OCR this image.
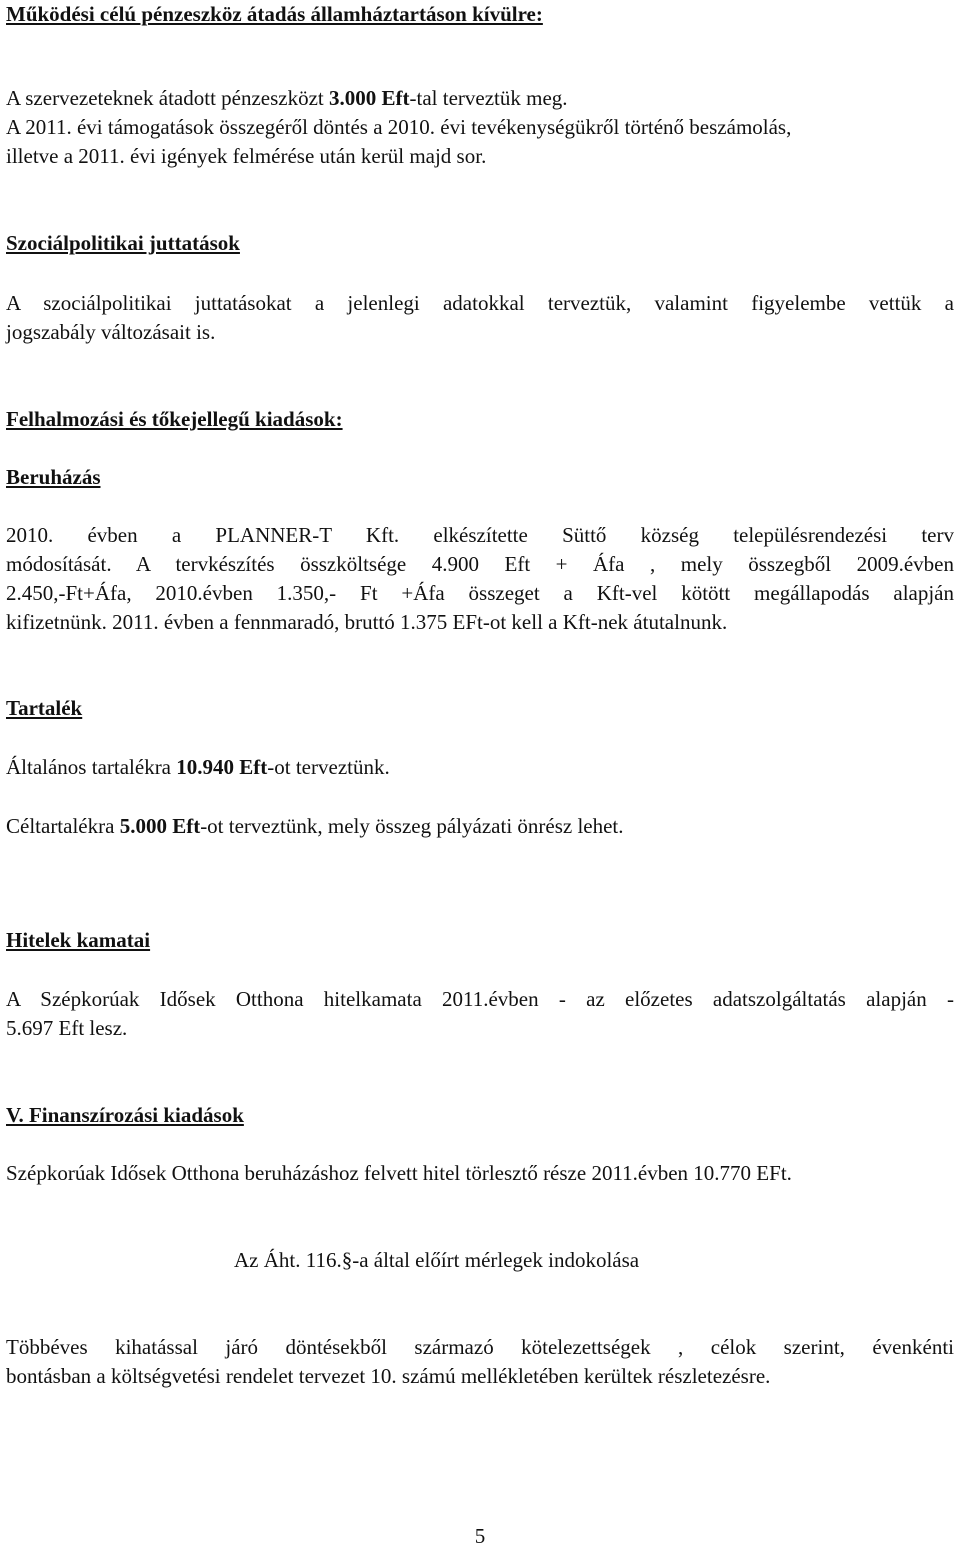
Működési célú pénzeszköz átadás államháztartáson kívülre:
A szervezeteknek átadott pénzeszközt 3.000 Eft-tal terveztük meg.
A 2011. évi támogatások összegéről döntés a 2010. évi tevékenységükről történő beszámolás,
illetve a 2011. évi igények felmérése után kerül majd sor.
Szociálpolitikai juttatások
A szociálpolitikai juttatásokat a jelenlegi adatokkal terveztük, valamint figyelembe vettük a
jogszabály változásait is.
Felhalmozási és tőkejellegű kiadások:
Beruházás
2010. évben a PLANNER-T Kft. elkészítette Süttő község településrendezési terv
módosítását. A tervkészítés összköltsége 4.900 Eft + Áfa , mely összegből 2009.évben
2.450,-Ft+Áfa, 2010.évben 1.350,- Ft +Áfa összeget a Kft-vel kötött megállapodás alapján
kifizetnünk. 2011. évben a fennmaradó, bruttó 1.375 EFt-ot kell a Kft-nek átutalnunk.
Tartalék
Általános tartalékra 10.940 Eft-ot terveztünk.
Céltartalékra 5.000 Eft-ot terveztünk, mely összeg pályázati önrész lehet.
Hitelek kamatai
A Szépkorúak Idősek Otthona hitelkamata 2011.évben - az előzetes adatszolgáltatás alapján -
5.697 Eft lesz.
V. Finanszírozási kiadások
Szépkorúak Idősek Otthona beruházáshoz felvett hitel törlesztő része 2011.évben 10.770 EFt.
Az Áht. 116.§-a által előírt mérlegek indokolása
Többéves kihatással járó döntésekből származó kötelezettségek , célok szerint, évenkénti
bontásban a költségvetési rendelet tervezet 10. számú mellékletében kerültek részletezésre.
5
